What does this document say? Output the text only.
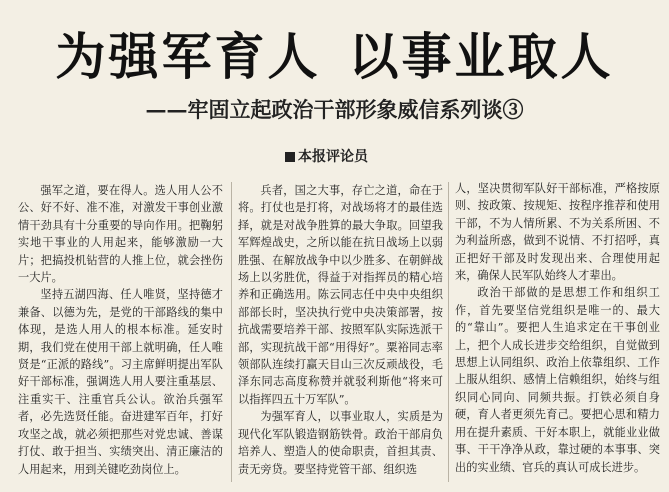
为强军育人 以事业取人
——牢固立起政治干部形象威信系列谈③
本报评论员

强军之道，要在得人。选人用人公不公、好不好、准不准，对激发干事创业激情干劲具有十分重要的导向作用。把鞠躬实地干事业的人用起来，能够激励一大片；把搞投机钻营的人推上位，就会挫伤一大片。

坚持五湖四海、任人唯贤，坚持德才兼备、以德为先，是党的干部路线的集中体现，是选人用人的根本标准。延安时期，我们党在使用干部上就明确，任人唯贤是“正派的路线”。习主席鲜明提出军队好干部标准，强调选人用人要注重基层、注重实干、注重官兵公认。欲治兵强军者，必先选贤任能。奋进建军百年，打好攻坚之战，就必须把那些对党忠诚、善谋打仗、敢于担当、实绩突出、清正廉洁的人用起来，用到关键吃劲岗位上。

兵者，国之大事，存亡之道，命在于将。打仗也是打将，对战场将才的最佳选择，就是对战争胜算的最大争取。回望我军辉煌战史，之所以能在抗日战场上以弱胜强、在解放战争中以少胜多、在朝鲜战场上以劣胜优，得益于对指挥员的精心培养和正确选用。陈云同志任中央中央组织部部长时，坚决执行党中央决策部署，按抗战需要培养干部、按照军队实际选派干部，实现抗战干部“用得好”。粟裕同志率领部队连续打赢天目山三次反顽战役，毛泽东同志高度称赞并就驳利斯他“将来可以指挥四五十万军队”。

为强军育人，以事业取人，实质是为现代化军队锻造钢筋铁骨。政治干部肩负培养人、塑造人的使命职责，首担其责、责无旁贷。要坚持党管干部、组织选

人，坚决贯彻军队好干部标准，严格按原则、按政策、按规矩、按程序推荐和使用干部，不为人情所累、不为关系所困、不为利益所惑，做到不说情、不打招呼，真正把好干部及时发现出来、合理使用起来，确保人民军队始终人才辈出。

政治干部做的是思想工作和组织工作，首先要坚信党组织是唯一的、最大的“靠山”。要把人生追求定在干事创业上，把个人成长进步交给组织，自觉做到思想上认同组织、政治上依靠组织、工作上服从组织、感情上信赖组织，始终与组织同心同向、同频共振。打铁必须自身硬，育人者更须先育己。要把心思和精力用在提升素质、干好本职上，就能业业做事、干干净净从政，靠过硬的本事事、突出的实业绩、官兵的真认可成长进步。
